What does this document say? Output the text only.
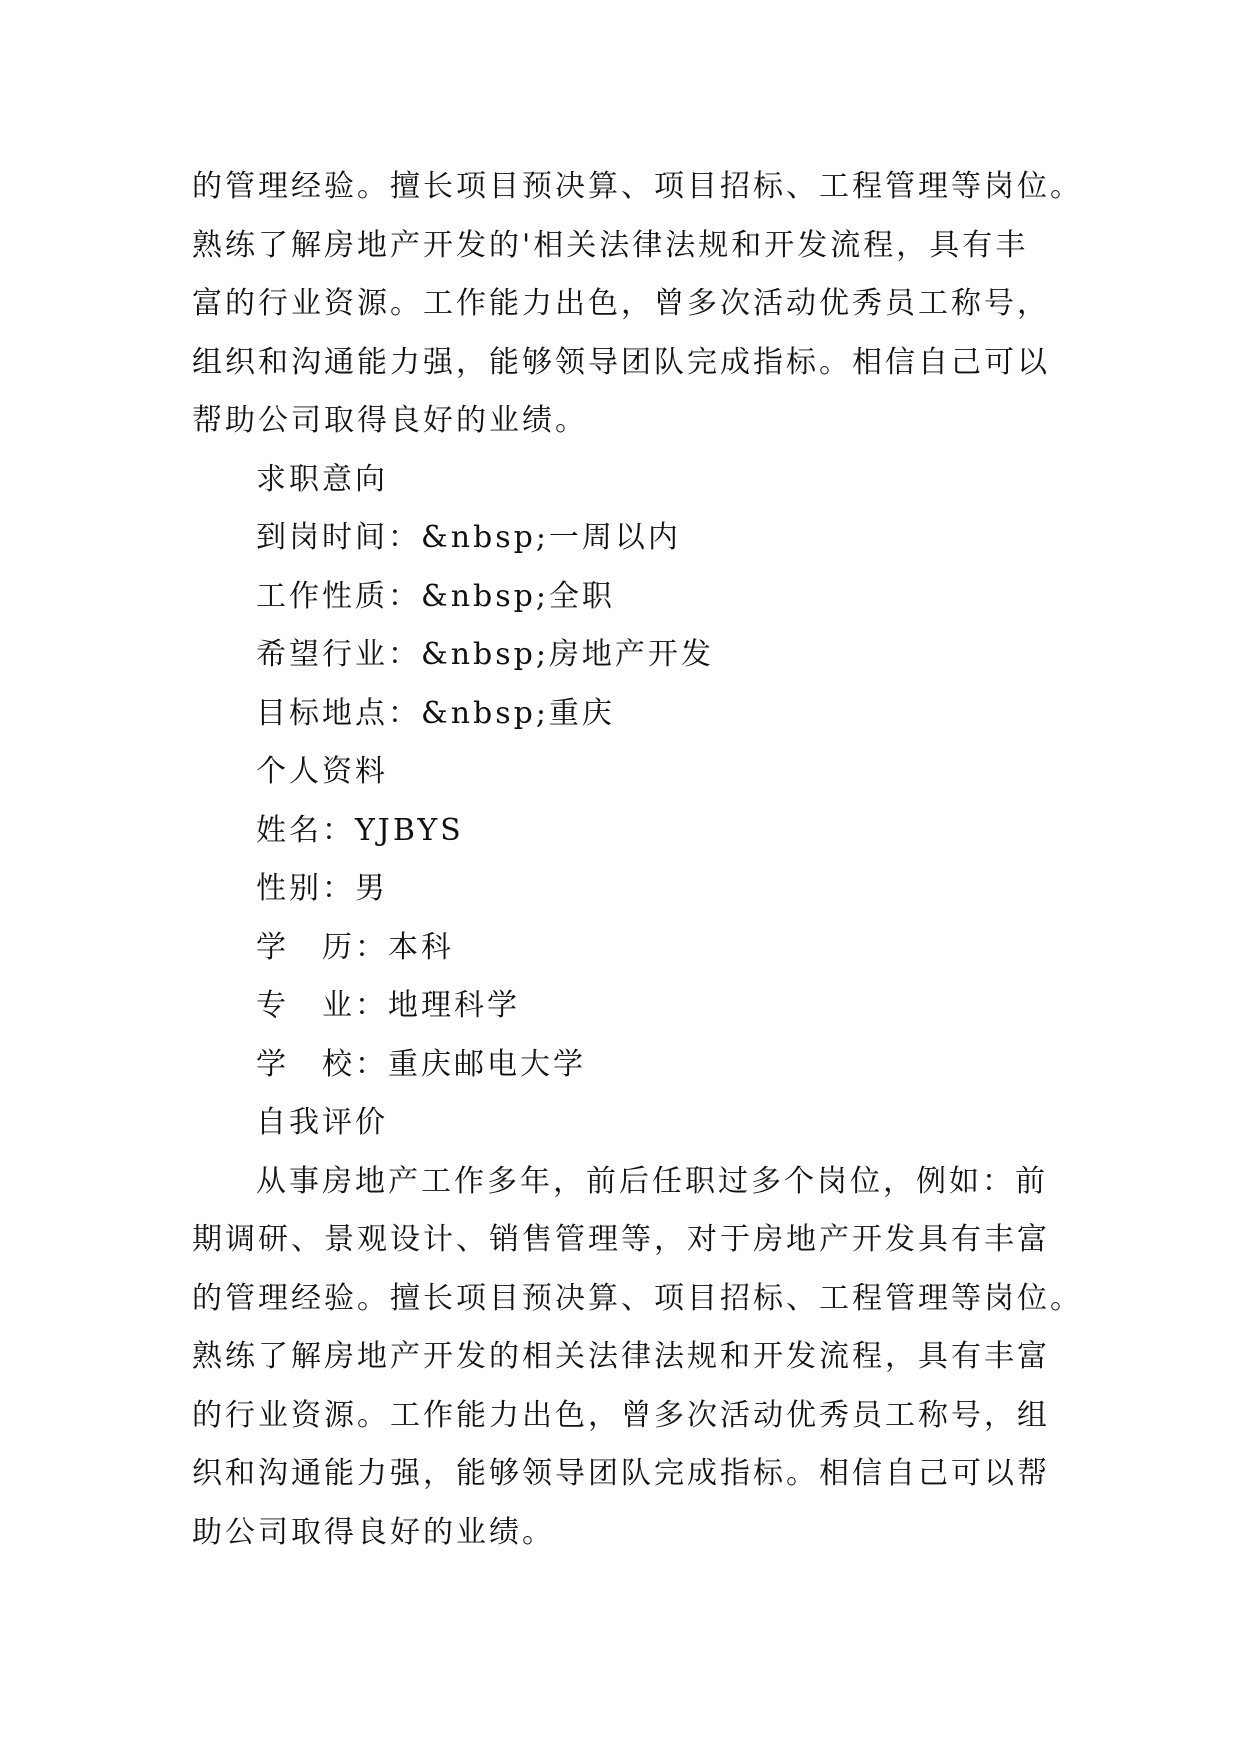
的管理经验。擅长项目预决算、项目招标、工程管理等岗位。
熟练了解房地产开发的'相关法律法规和开发流程，具有丰
富的行业资源。工作能力出色，曾多次活动优秀员工称号，
组织和沟通能力强，能够领导团队完成指标。相信自己可以
帮助公司取得良好的业绩。
求职意向
到岗时间：&nbsp;一周以内
工作性质：&nbsp;全职
希望行业：&nbsp;房地产开发
目标地点：&nbsp;重庆
个人资料
姓名：YJBYS
性别：男
学　历：本科
专　业：地理科学
学　校：重庆邮电大学
自我评价
从事房地产工作多年，前后任职过多个岗位，例如：前
期调研、景观设计、销售管理等，对于房地产开发具有丰富
的管理经验。擅长项目预决算、项目招标、工程管理等岗位。
熟练了解房地产开发的相关法律法规和开发流程，具有丰富
的行业资源。工作能力出色，曾多次活动优秀员工称号，组
织和沟通能力强，能够领导团队完成指标。相信自己可以帮
助公司取得良好的业绩。
